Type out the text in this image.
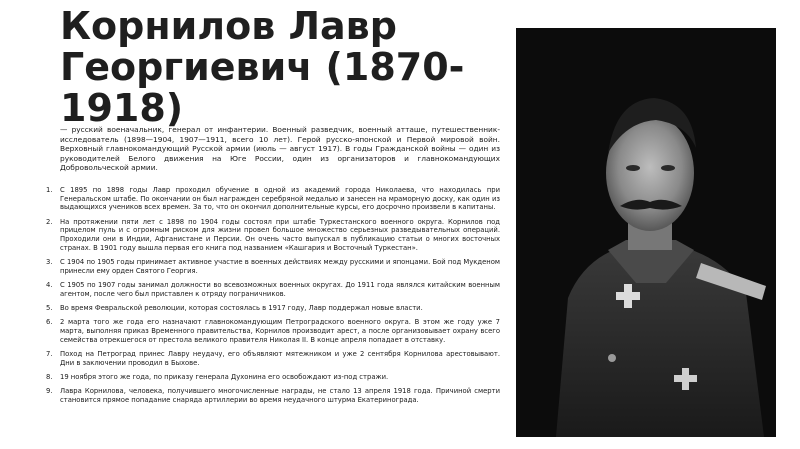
Корнилов Лавр Георгиевич (1870-1918)

— русский военачальник, генерал от инфантерии. Военный разведчик, военный атташе, путешественник-исследователь (1898—1904, 1907—1911, всего 10 лет). Герой русско-японской и Первой мировой войн. Верховный главнокомандующий Русской армии (июль — август 1917). В годы Гражданской войны — один из руководителей Белого движения на Юге России, один из организаторов и главнокомандующих Добровольческой армии.

1. С 1895 по 1898 годы Лавр проходил обучение в одной из академий города Николаева, что находилась при Генеральском штабе. По окончании он был награжден серебряной медалью и занесен на мраморную доску, как один из выдающихся учеников всех времен. За то, что он окончил дополнительные курсы, его досрочно произвели в капитаны.
2. На протяжении пяти лет с 1898 по 1904 годы состоял при штабе Туркестанского военного округа. Корнилов под прицелом пуль и с огромным риском для жизни провел большое множество серьезных разведывательных операций. Проходили они в Индии, Афганистане и Персии. Он очень часто выпускал в публикацию статьи о многих восточных странах. В 1901 году вышла первая его книга под названием «Кашгария и Восточный Туркестан».
3. С 1904 по 1905 годы принимает активное участие в военных действиях между русскими и японцами. Бой под Мукденом принесли ему орден Святого Георгия.
4. С 1905 по 1907 годы занимал должности во всевозможных военных округах. До 1911 года являлся китайским военным агентом, после чего был приставлен к отряду пограничников.
5. Во время Февральской революции, которая состоялась в 1917 году, Лавр поддержал новые власти.
6. 2 марта того же года его назначают главнокомандующим Петроградского военного округа. В этом же году уже 7 марта, выполняя приказ Временного правительства, Корнилов производит арест, а после организовывает охрану всего семейства отрекшегося от престола великого правителя Николая II. В конце апреля попадает в отставку.
7. Поход на Петроград принес Лавру неудачу, его объявляют мятежником и уже 2 сентября Корнилова арестовывают. Дни в заключении проводил в Быхове.
8. 19 ноября этого же года, по приказу генерала Духонина его освобождают из-под стражи.
9. Лавра Корнилова, человека, получившего многочисленные награды, не стало 13 апреля 1918 года. Причиной смерти становится прямое попадание снаряда артиллерии во время неудачного штурма Екатеринограда.
